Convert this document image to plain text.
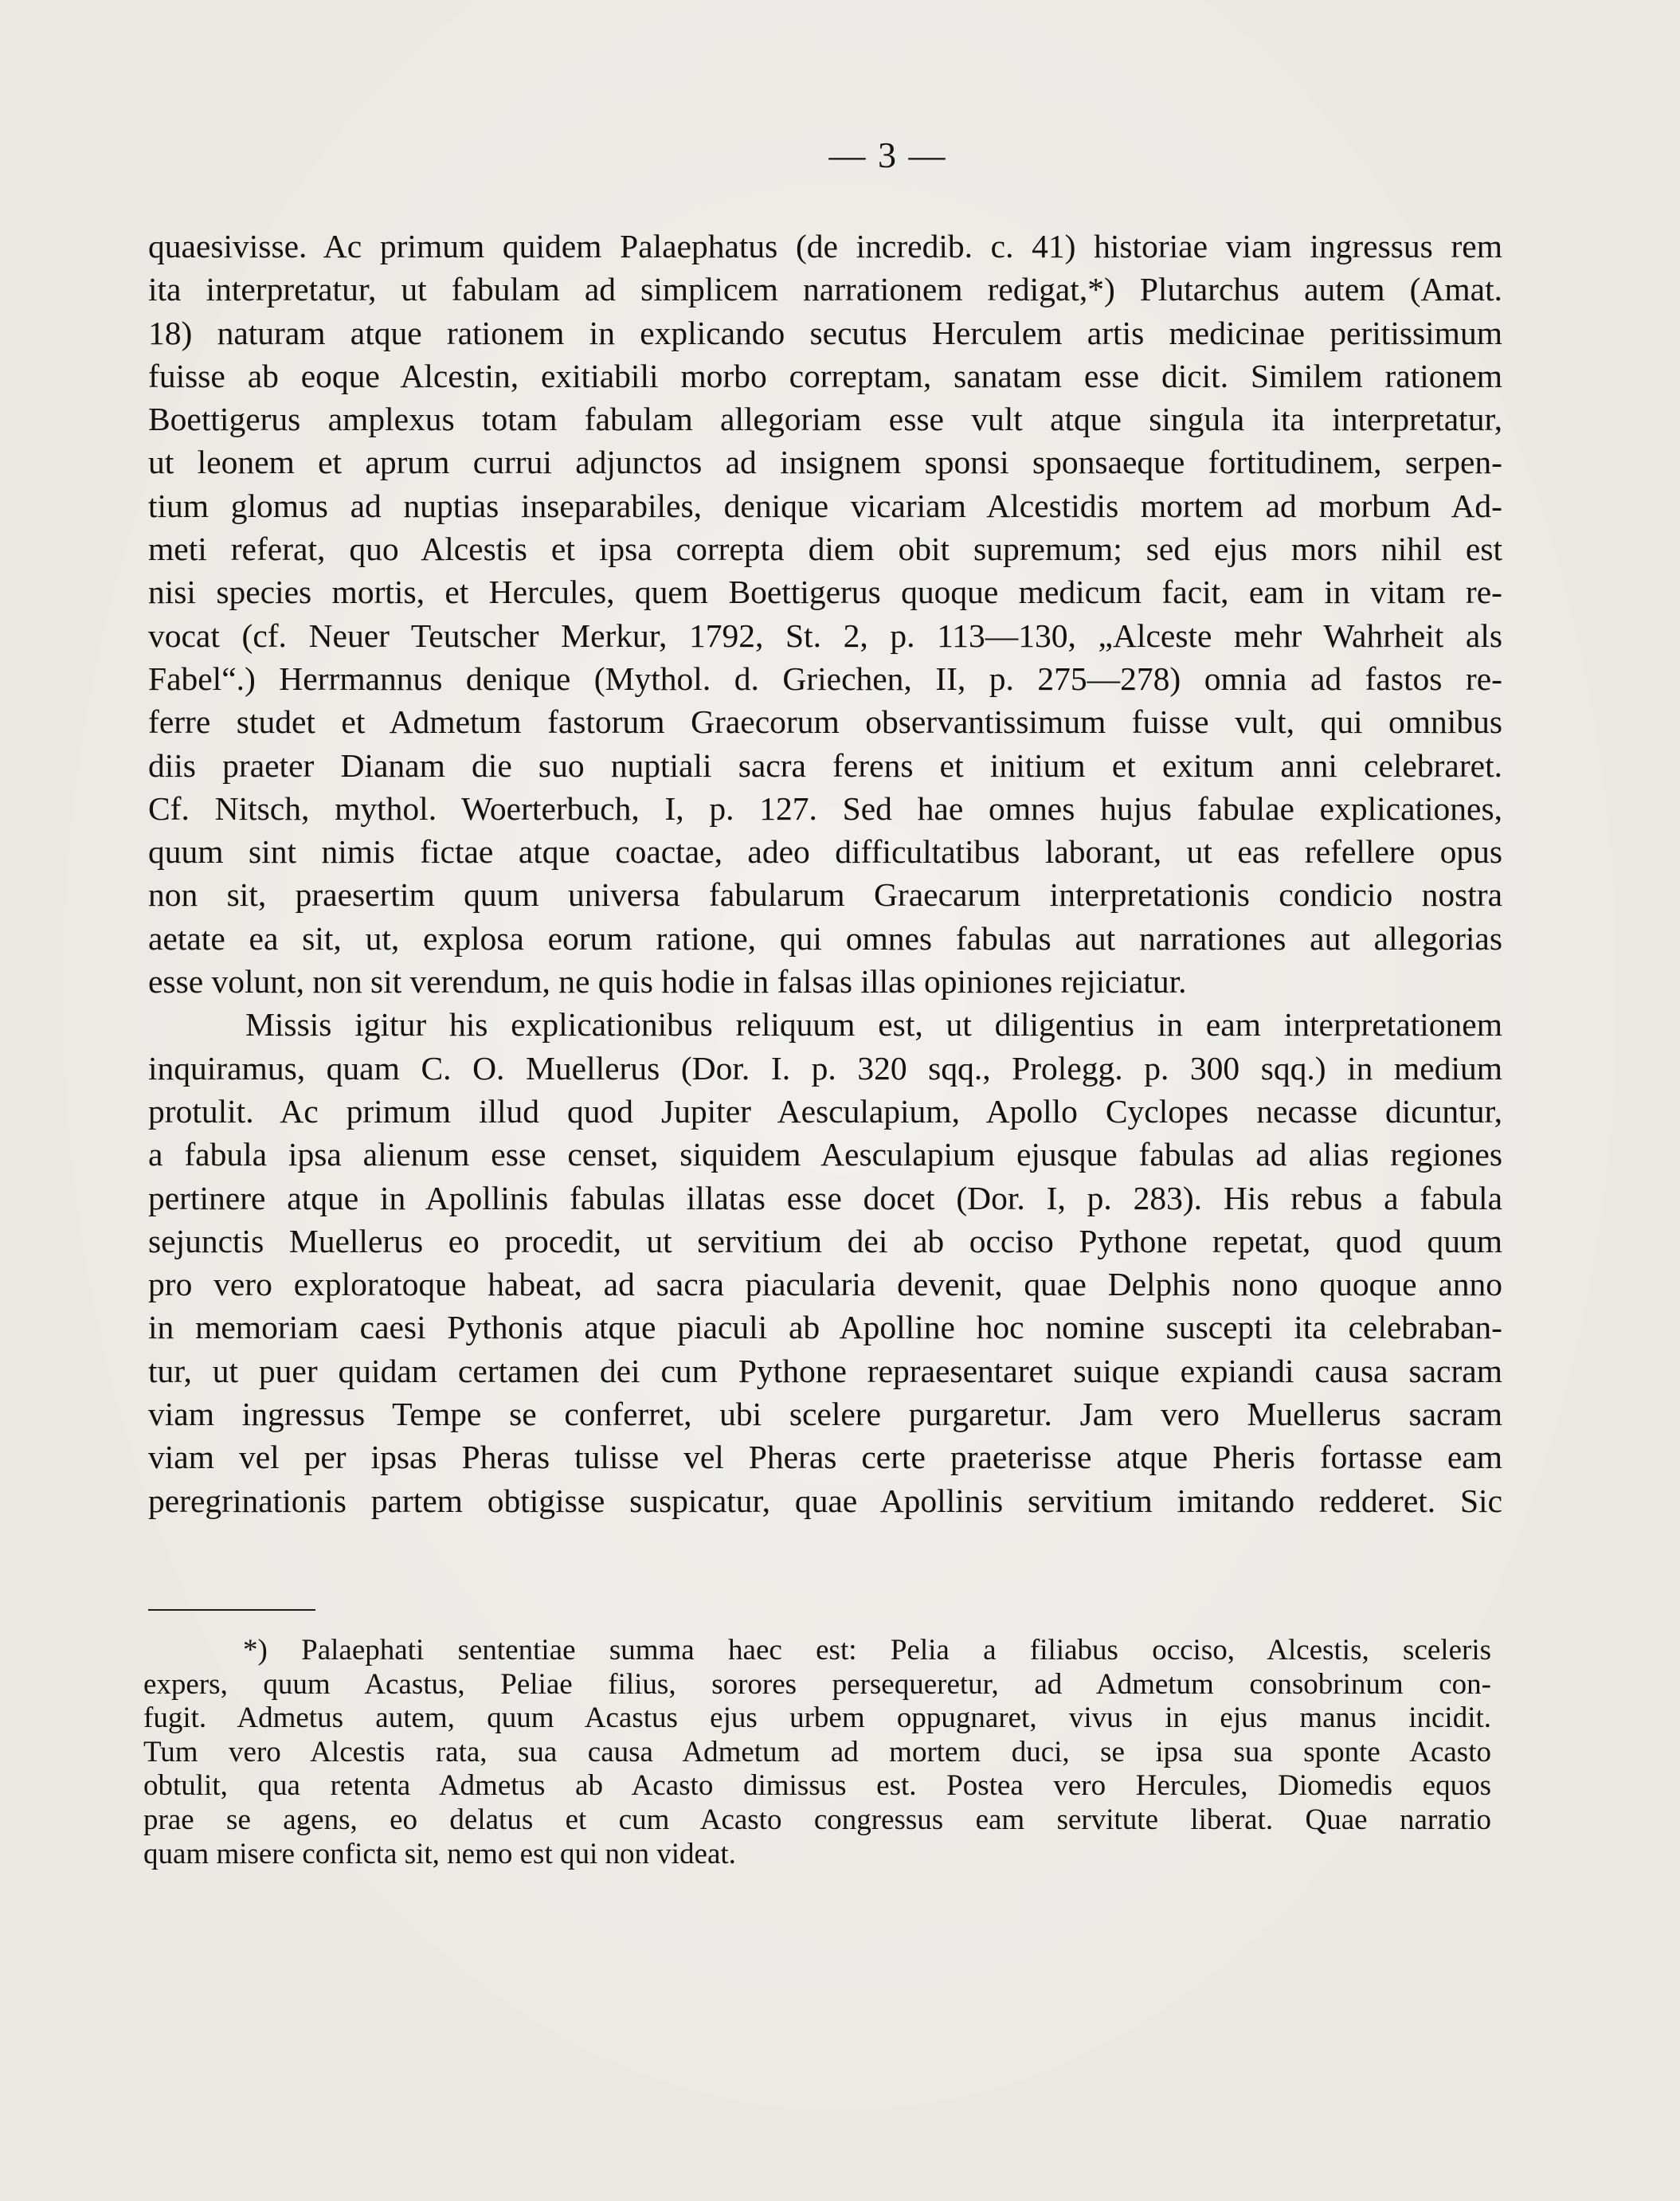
— 3 —
quaesivisse. Ac primum quidem Palaephatus (de incredib. c. 41) historiae viam ingressus rem
ita interpretatur, ut fabulam ad simplicem narrationem redigat,*) Plutarchus autem (Amat.
18) naturam atque rationem in explicando secutus Herculem artis medicinae peritissimum
fuisse ab eoque Alcestin, exitiabili morbo correptam, sanatam esse dicit. Similem rationem
Boettigerus amplexus totam fabulam allegoriam esse vult atque singula ita interpretatur,
ut leonem et aprum currui adjunctos ad insignem sponsi sponsaeque fortitudinem, serpen-
tium glomus ad nuptias inseparabiles, denique vicariam Alcestidis mortem ad morbum Ad-
meti referat, quo Alcestis et ipsa correpta diem obit supremum; sed ejus mors nihil est
nisi species mortis, et Hercules, quem Boettigerus quoque medicum facit, eam in vitam re-
vocat (cf. Neuer Teutscher Merkur, 1792, St. 2, p. 113—130, „Alceste mehr Wahrheit als
Fabel“.) Herrmannus denique (Mythol. d. Griechen, II, p. 275—278) omnia ad fastos re-
ferre studet et Admetum fastorum Graecorum observantissimum fuisse vult, qui omnibus
diis praeter Dianam die suo nuptiali sacra ferens et initium et exitum anni celebraret.
Cf. Nitsch, mythol. Woerterbuch, I, p. 127. Sed hae omnes hujus fabulae explicationes,
quum sint nimis fictae atque coactae, adeo difficultatibus laborant, ut eas refellere opus
non sit, praesertim quum universa fabularum Graecarum interpretationis condicio nostra
aetate ea sit, ut, explosa eorum ratione, qui omnes fabulas aut narrationes aut allegorias
esse volunt, non sit verendum, ne quis hodie in falsas illas opiniones rejiciatur.
Missis igitur his explicationibus reliquum est, ut diligentius in eam interpretationem
inquiramus, quam C. O. Muellerus (Dor. I. p. 320 sqq., Prolegg. p. 300 sqq.) in medium
protulit. Ac primum illud quod Jupiter Aesculapium, Apollo Cyclopes necasse dicuntur,
a fabula ipsa alienum esse censet, siquidem Aesculapium ejusque fabulas ad alias regiones
pertinere atque in Apollinis fabulas illatas esse docet (Dor. I, p. 283). His rebus a fabula
sejunctis Muellerus eo procedit, ut servitium dei ab occiso Pythone repetat, quod quum
pro vero exploratoque habeat, ad sacra piacularia devenit, quae Delphis nono quoque anno
in memoriam caesi Pythonis atque piaculi ab Apolline hoc nomine suscepti ita celebraban-
tur, ut puer quidam certamen dei cum Pythone repraesentaret suique expiandi causa sacram
viam ingressus Tempe se conferret, ubi scelere purgaretur. Jam vero Muellerus sacram
viam vel per ipsas Pheras tulisse vel Pheras certe praeterisse atque Pheris fortasse eam
peregrinationis partem obtigisse suspicatur, quae Apollinis servitium imitando redderet. Sic
*) Palaephati sententiae summa haec est: Pelia a filiabus occiso, Alcestis, sceleris
expers, quum Acastus, Peliae filius, sorores persequeretur, ad Admetum consobrinum con-
fugit. Admetus autem, quum Acastus ejus urbem oppugnaret, vivus in ejus manus incidit.
Tum vero Alcestis rata, sua causa Admetum ad mortem duci, se ipsa sua sponte Acasto
obtulit, qua retenta Admetus ab Acasto dimissus est. Postea vero Hercules, Diomedis equos
prae se agens, eo delatus et cum Acasto congressus eam servitute liberat. Quae narratio
quam misere conficta sit, nemo est qui non videat.
